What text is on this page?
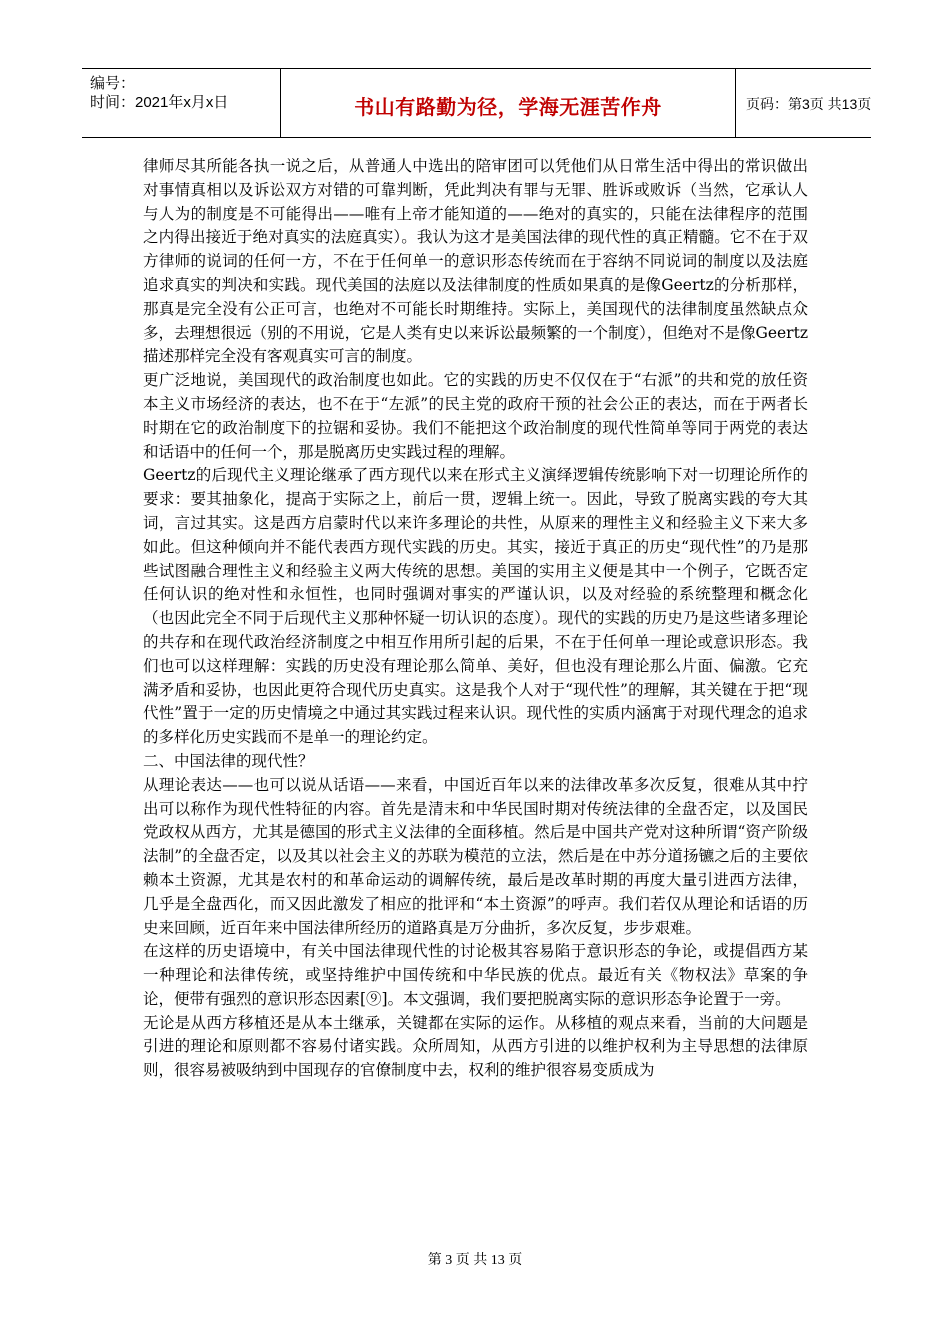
编号：
时间：2021年x月x日	书山有路勤为径，学海无涯苦作舟	页码：第3页 共13页

律师尽其所能各执一说之后，从普通人中选出的陪审团可以凭他们从日常生活中得出的常识做出对事情真相以及诉讼双方对错的可靠判断，凭此判决有罪与无罪、胜诉或败诉（当然，它承认人与人为的制度是不可能得出——唯有上帝才能知道的——绝对的真实的，只能在法律程序的范围之内得出接近于绝对真实的法庭真实）。我认为这才是美国法律的现代性的真正精髓。它不在于双方律师的说词的任何一方，不在于任何单一的意识形态传统而在于容纳不同说词的制度以及法庭追求真实的判决和实践。现代美国的法庭以及法律制度的性质如果真的是像Geertz的分析那样，那真是完全没有公正可言，也绝对不可能长时期维持。实际上，美国现代的法律制度虽然缺点众多，去理想很远（别的不用说，它是人类有史以来诉讼最频繁的一个制度），但绝对不是像Geertz描述那样完全没有客观真实可言的制度。

更广泛地说，美国现代的政治制度也如此。它的实践的历史不仅仅在于“右派”的共和党的放任资本主义市场经济的表达，也不在于“左派”的民主党的政府干预的社会公正的表达，而在于两者长时期在它的政治制度下的拉锯和妥协。我们不能把这个政治制度的现代性简单等同于两党的表达和话语中的任何一个，那是脱离历史实践过程的理解。

Geertz的后现代主义理论继承了西方现代以来在形式主义演绎逻辑传统影响下对一切理论所作的要求：要其抽象化，提高于实际之上，前后一贯，逻辑上统一。因此，导致了脱离实践的夸大其词，言过其实。这是西方启蒙时代以来许多理论的共性，从原来的理性主义和经验主义下来大多如此。但这种倾向并不能代表西方现代实践的历史。其实，接近于真正的历史“现代性”的乃是那些试图融合理性主义和经验主义两大传统的思想。美国的实用主义便是其中一个例子，它既否定任何认识的绝对性和永恒性，也同时强调对事实的严谨认识，以及对经验的系统整理和概念化（也因此完全不同于后现代主义那种怀疑一切认识的态度）。现代的实践的历史乃是这些诸多理论的共存和在现代政治经济制度之中相互作用所引起的后果，不在于任何单一理论或意识形态。我们也可以这样理解：实践的历史没有理论那么简单、美好，但也没有理论那么片面、偏激。它充满矛盾和妥协，也因此更符合现代历史真实。这是我个人对于“现代性”的理解，其关键在于把“现代性”置于一定的历史情境之中通过其实践过程来认识。现代性的实质内涵寓于对现代理念的追求的多样化历史实践而不是单一的理论约定。

二、中国法律的现代性？

从理论表达——也可以说从话语——来看，中国近百年以来的法律改革多次反复，很难从其中拧出可以称作为现代性特征的内容。首先是清末和中华民国时期对传统法律的全盘否定，以及国民党政权从西方，尤其是德国的形式主义法律的全面移植。然后是中国共产党对这种所谓“资产阶级法制”的全盘否定，以及其以社会主义的苏联为模范的立法，然后是在中苏分道扬镳之后的主要依赖本土资源，尤其是农村的和革命运动的调解传统，最后是改革时期的再度大量引进西方法律，几乎是全盘西化，而又因此激发了相应的批评和“本土资源”的呼声。我们若仅从理论和话语的历史来回顾，近百年来中国法律所经历的道路真是万分曲折，多次反复，步步艰难。

在这样的历史语境中，有关中国法律现代性的讨论极其容易陷于意识形态的争论，或提倡西方某一种理论和法律传统，或坚持维护中国传统和中华民族的优点。最近有关《物权法》草案的争论，便带有强烈的意识形态因素[⑨]。本文强调，我们要把脱离实际的意识形态争论置于一旁。

无论是从西方移植还是从本土继承，关键都在实际的运作。从移植的观点来看，当前的大问题是引进的理论和原则都不容易付诸实践。众所周知，从西方引进的以维护权利为主导思想的法律原则，很容易被吸纳到中国现存的官僚制度中去，权利的维护很容易变质成为

第 3 页 共 13 页
